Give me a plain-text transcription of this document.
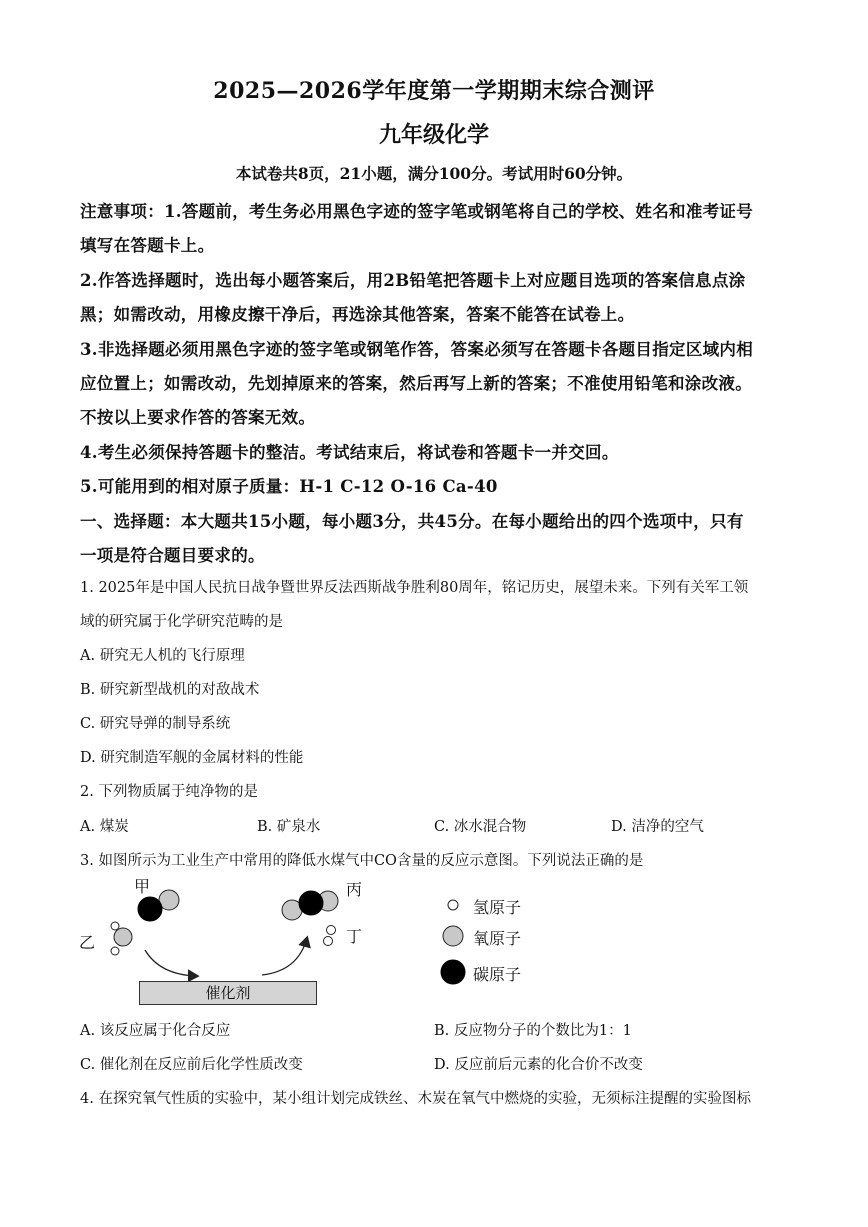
2025—2026学年度第一学期期末综合测评
九年级化学
本试卷共8页，21小题，满分100分。考试用时60分钟。
注意事项：1.答题前，考生务必用黑色字迹的签字笔或钢笔将自己的学校、姓名和准考证号
填写在答题卡上。
2.作答选择题时，选出每小题答案后，用2B铅笔把答题卡上对应题目选项的答案信息点涂
黑；如需改动，用橡皮擦干净后，再选涂其他答案，答案不能答在试卷上。
3.非选择题必须用黑色字迹的签字笔或钢笔作答，答案必须写在答题卡各题目指定区域内相
应位置上；如需改动，先划掉原来的答案，然后再写上新的答案；不准使用铅笔和涂改液。
不按以上要求作答的答案无效。
4.考生必须保持答题卡的整洁。考试结束后，将试卷和答题卡一并交回。
5.可能用到的相对原子质量：H-1 C-12 O-16 Ca-40
一、选择题：本大题共15小题，每小题3分，共45分。在每小题给出的四个选项中，只有
一项是符合题目要求的。
1. 2025年是中国人民抗日战争暨世界反法西斯战争胜利80周年，铭记历史，展望未来。下列有关军工领
域的研究属于化学研究范畴的是
A. 研究无人机的飞行原理
B. 研究新型战机的对敌战术
C. 研究导弹的制导系统
D. 研究制造军舰的金属材料的性能
2. 下列物质属于纯净物的是
A. 煤炭	B. 矿泉水	C. 冰水混合物	D. 洁净的空气
3. 如图所示为工业生产中常用的降低水煤气中CO含量的反应示意图。下列说法正确的是
甲
乙
丙
丁
催化剂
氢原子
氧原子
碳原子
A. 该反应属于化合反应	B. 反应物分子的个数比为1：1
C. 催化剂在反应前后化学性质改变	D. 反应前后元素的化合价不改变
4. 在探究氧气性质的实验中，某小组计划完成铁丝、木炭在氧气中燃烧的实验，无须标注提醒的实验图标
